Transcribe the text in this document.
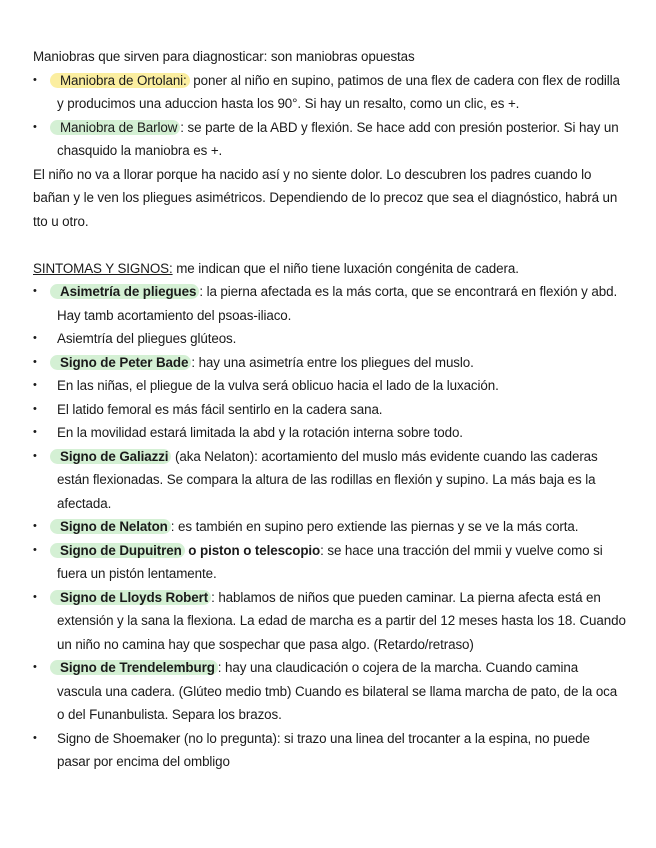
Maniobras que sirven para diagnosticar: son maniobras opuestas

• Maniobra de Ortolani: poner al niño en supino, patimos de una flex de cadera con flex de rodilla y producimos una aduccion hasta los 90°. Si hay un resalto, como un clic, es +.
• Maniobra de Barlow : se parte de la ABD y flexión. Se hace add con presión posterior. Si hay un chasquido la maniobra es +.

El niño no va a llorar porque ha nacido así y no siente dolor. Lo descubren los padres cuando lo bañan y le ven los pliegues asimétricos. Dependiendo de lo precoz que sea el diagnóstico, habrá un tto u otro.

SINTOMAS Y SIGNOS: me indican que el niño tiene luxación congénita de cadera.

• Asimetría de pliegues : la pierna afectada es la más corta, que se encontrará en flexión y abd. Hay tamb acortamiento del psoas-iliaco.
• Asiemtría del pliegues glúteos.
• Signo de Peter Bade : hay una asimetría entre los pliegues del muslo.
• En las niñas, el pliegue de la vulva será oblicuo hacia el lado de la luxación.
• El latido femoral es más fácil sentirlo en la cadera sana.
• En la movilidad estará limitada la abd y la rotación interna sobre todo.
• Signo de Galiazzi (aka Nelaton): acortamiento del muslo más evidente cuando las caderas están flexionadas. Se compara la altura de las rodillas en flexión y supino. La más baja es la afectada.
• Signo de Nelaton : es también en supino pero extiende las piernas y se ve la más corta.
• Signo de Dupuitren o piston o telescopio: se hace una tracción del mmii y vuelve como si fuera un pistón lentamente.
• Signo de Lloyds Robert : hablamos de niños que pueden caminar. La pierna afecta está en extensión y la sana la flexiona. La edad de marcha es a partir del 12 meses hasta los 18. Cuando un niño no camina hay que sospechar que pasa algo. (Retardo/retraso)
• Signo de Trendelemburg : hay una claudicación o cojera de la marcha. Cuando camina vascula una cadera. (Glúteo medio tmb) Cuando es bilateral se llama marcha de pato, de la oca o del Funanbulista. Separa los brazos.
• Signo de Shoemaker (no lo pregunta): si trazo una linea del trocanter a la espina, no puede pasar por encima del ombligo
